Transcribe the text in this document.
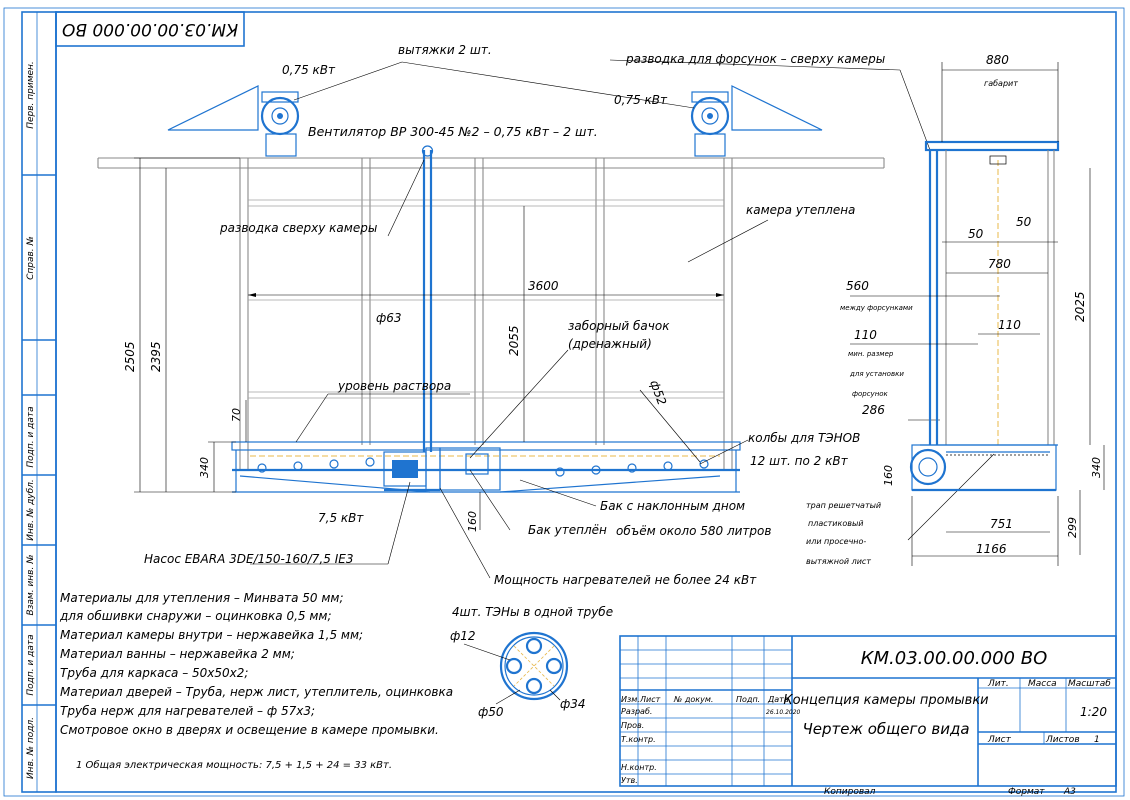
Перв. примен.
Справ. №
Подп. и дата
Инв. № дубл.
Взам. инв. №
Подп. и дата
Инв. № подл.
КМ.03.00.00.000 ВО
вытяжки 2 шт.
0,75 кВт
0,75 кВт
Вентилятор ВР 300-45 №2 – 0,75 кВт – 2 шт.
разводка для форсунок – сверху камеры
разводка сверху камеры
камера утеплена
3600
ф63
заборный бачок
(дренажный)
уровень раствора
колбы для ТЭНОВ
12 шт. по 2 кВт
ф52
Бак с наклонным дном
объём около 580 литров
Бак утеплён
7,5 кВт
Насос EBARA 3DE/150-160/7,5 IE3
Мощность нагревателей не более 24 кВт
2505 2395
2055
70
340
160
880
габарит
50
50
780
560
между форсунками
110
110
мин. размер
для установки
форсунок
286
2025
340
160
751
1166
299
трап решетчатый
пластиковый
или просечно-
вытяжной лист
4шт. ТЭНы в одной трубе
ф12
ф50
ф34
Материалы для утепления – Минвата 50 мм;
для обшивки снаружи – оцинковка 0,5 мм;
Материал камеры внутри – нержавейка 1,5 мм;
Материал ванны – нержавейка 2 мм;
Труба для каркаса – 50х50х2;
Материал дверей – Труба, нерж лист, утеплитель, оцинковка
Труба нерж для нагревателей – ф 57х3;
Смотровое окно в дверях и освещение в камере промывки.
1 Общая электрическая мощность: 7,5 + 1,5 + 24 = 33 кВт.
КМ.03.00.00.000 ВО
Концепция камеры промывки
Чертеж общего вида
Лит. Масса Масштаб
1:20
Лист	Листов 1
Изм. Лист № докум.	Подп. Дата
Разраб.	26.10.2020
Пров.
Т.контр.
Н.контр.
Утв.
Копировал	Формат А3
